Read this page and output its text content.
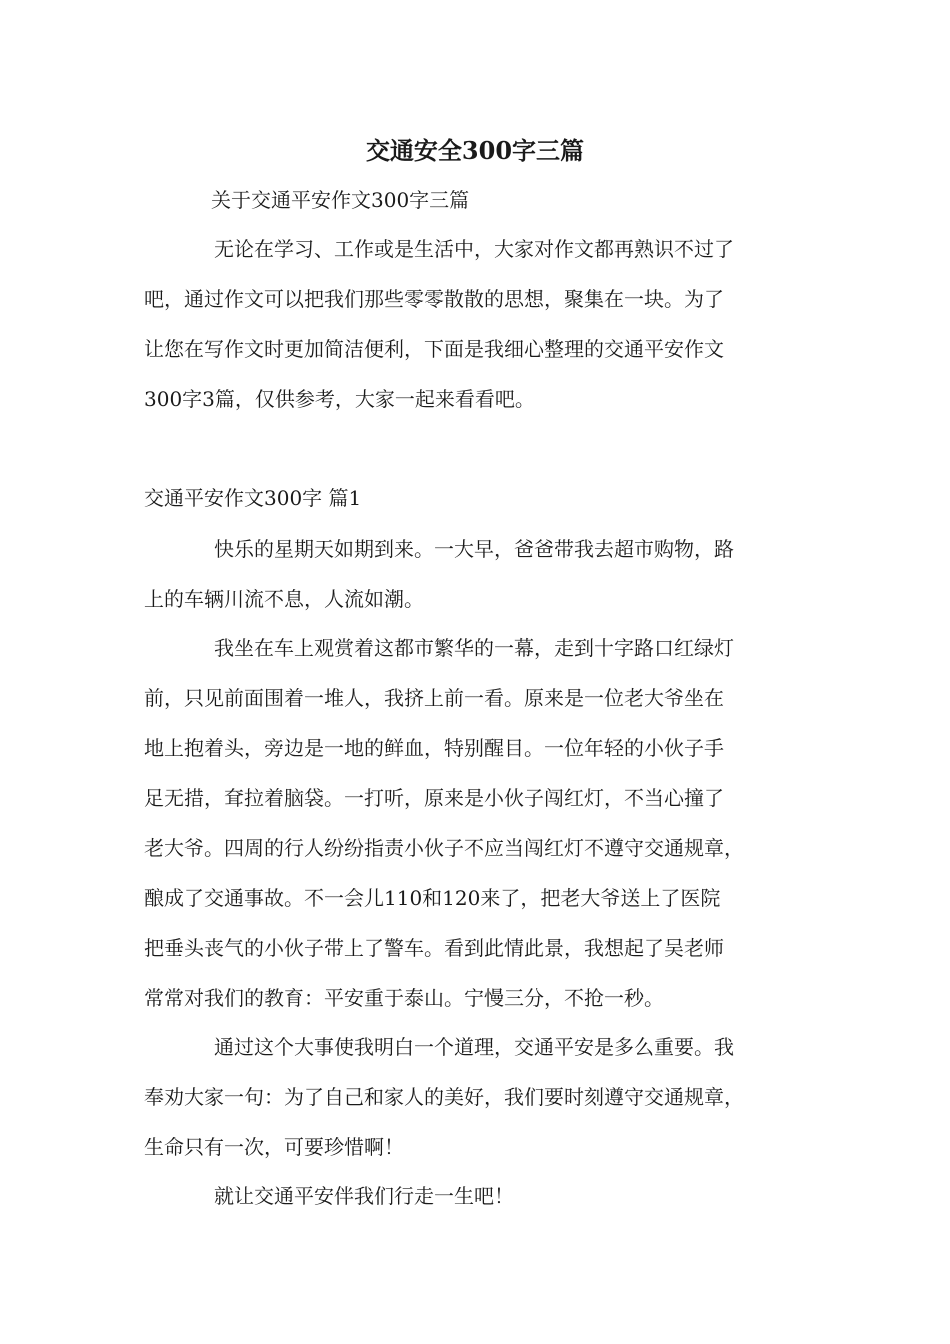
交通安全300字三篇
关于交通平安作文300字三篇
无论在学习、工作或是生活中，大家对作文都再熟识不过了
吧，通过作文可以把我们那些零零散散的思想，聚集在一块。为了
让您在写作文时更加简洁便利，下面是我细心整理的交通平安作文
300字3篇，仅供参考，大家一起来看看吧。
交通平安作文300字 篇1
快乐的星期天如期到来。一大早，爸爸带我去超市购物，路
上的车辆川流不息，人流如潮。
我坐在车上观赏着这都市繁华的一幕，走到十字路口红绿灯
前，只见前面围着一堆人，我挤上前一看。原来是一位老大爷坐在
地上抱着头，旁边是一地的鲜血，特别醒目。一位年轻的小伙子手
足无措，耷拉着脑袋。一打听，原来是小伙子闯红灯，不当心撞了
老大爷。四周的行人纷纷指责小伙子不应当闯红灯不遵守交通规章，
酿成了交通事故。不一会儿110和120来了，把老大爷送上了医院
把垂头丧气的小伙子带上了警车。看到此情此景，我想起了吴老师
常常对我们的教育：平安重于泰山。宁慢三分，不抢一秒。
通过这个大事使我明白一个道理，交通平安是多么重要。我
奉劝大家一句：为了自己和家人的美好，我们要时刻遵守交通规章，
生命只有一次，可要珍惜啊！
就让交通平安伴我们行走一生吧！
